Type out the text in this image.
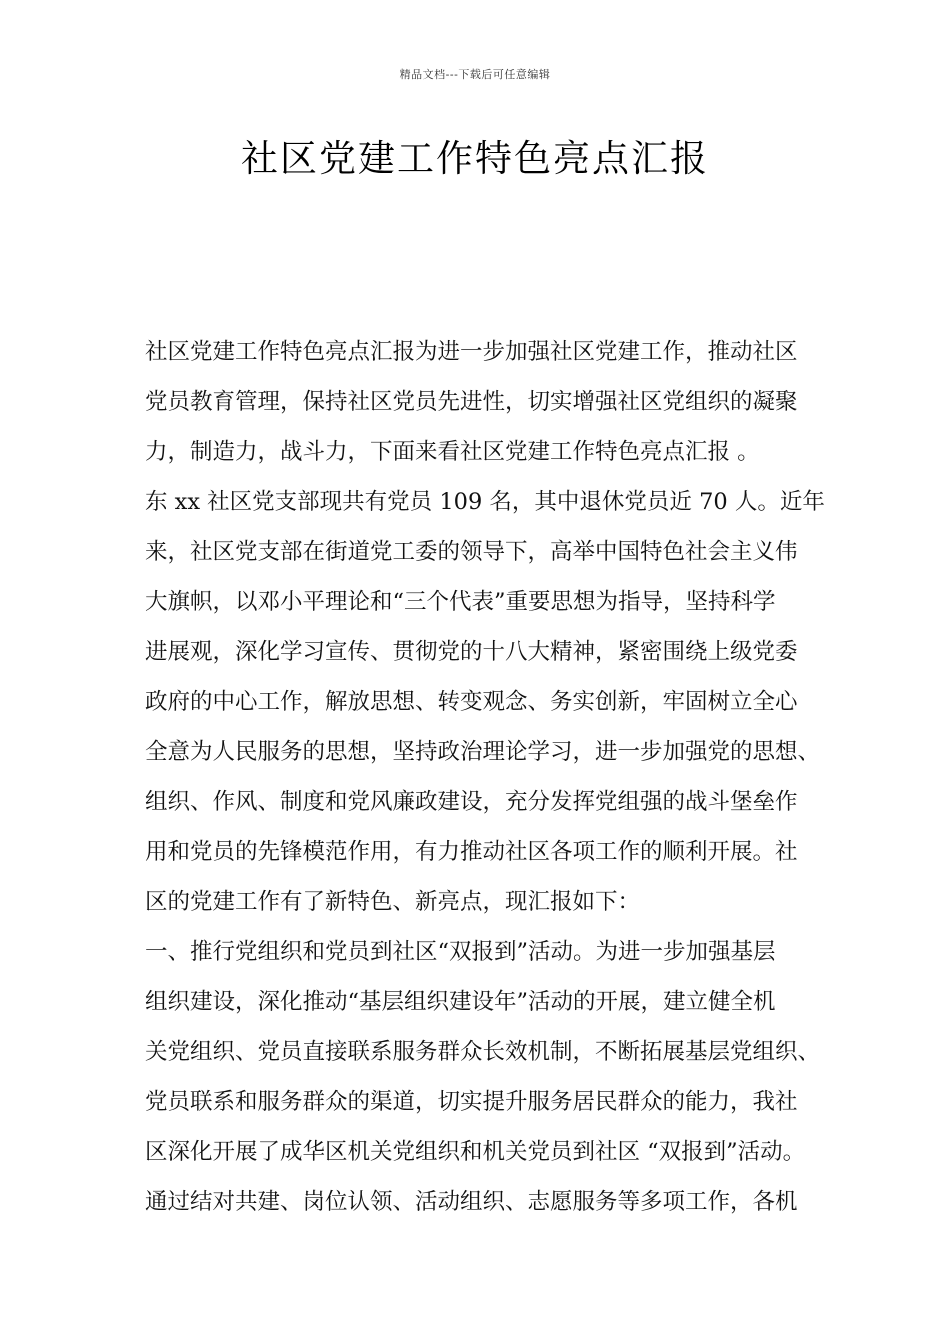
精品文档---下载后可任意编辑
社区党建工作特色亮点汇报
社区党建工作特色亮点汇报为进一步加强社区党建工作，推动社区
党员教育管理，保持社区党员先进性，切实增强社区党组织的凝聚
力，制造力，战斗力，下面来看社区党建工作特色亮点汇报 。
东 xx 社区党支部现共有党员 109 名，其中退休党员近 70 人。近年
来，社区党支部在街道党工委的领导下，高举中国特色社会主义伟
大旗帜，以邓小平理论和“三个代表”重要思想为指导，坚持科学
进展观，深化学习宣传、贯彻党的十八大精神，紧密围绕上级党委
政府的中心工作，解放思想、转变观念、务实创新，牢固树立全心
全意为人民服务的思想，坚持政治理论学习，进一步加强党的思想、
组织、作风、制度和党风廉政建设，充分发挥党组强的战斗堡垒作
用和党员的先锋模范作用，有力推动社区各项工作的顺利开展。社
区的党建工作有了新特色、新亮点，现汇报如下：
一、推行党组织和党员到社区“双报到”活动。为进一步加强基层
组织建设，深化推动“基层组织建设年”活动的开展，建立健全机
关党组织、党员直接联系服务群众长效机制，不断拓展基层党组织、
党员联系和服务群众的渠道，切实提升服务居民群众的能力，我社
区深化开展了成华区机关党组织和机关党员到社区 “双报到”活动。
通过结对共建、岗位认领、活动组织、志愿服务等多项工作，各机
